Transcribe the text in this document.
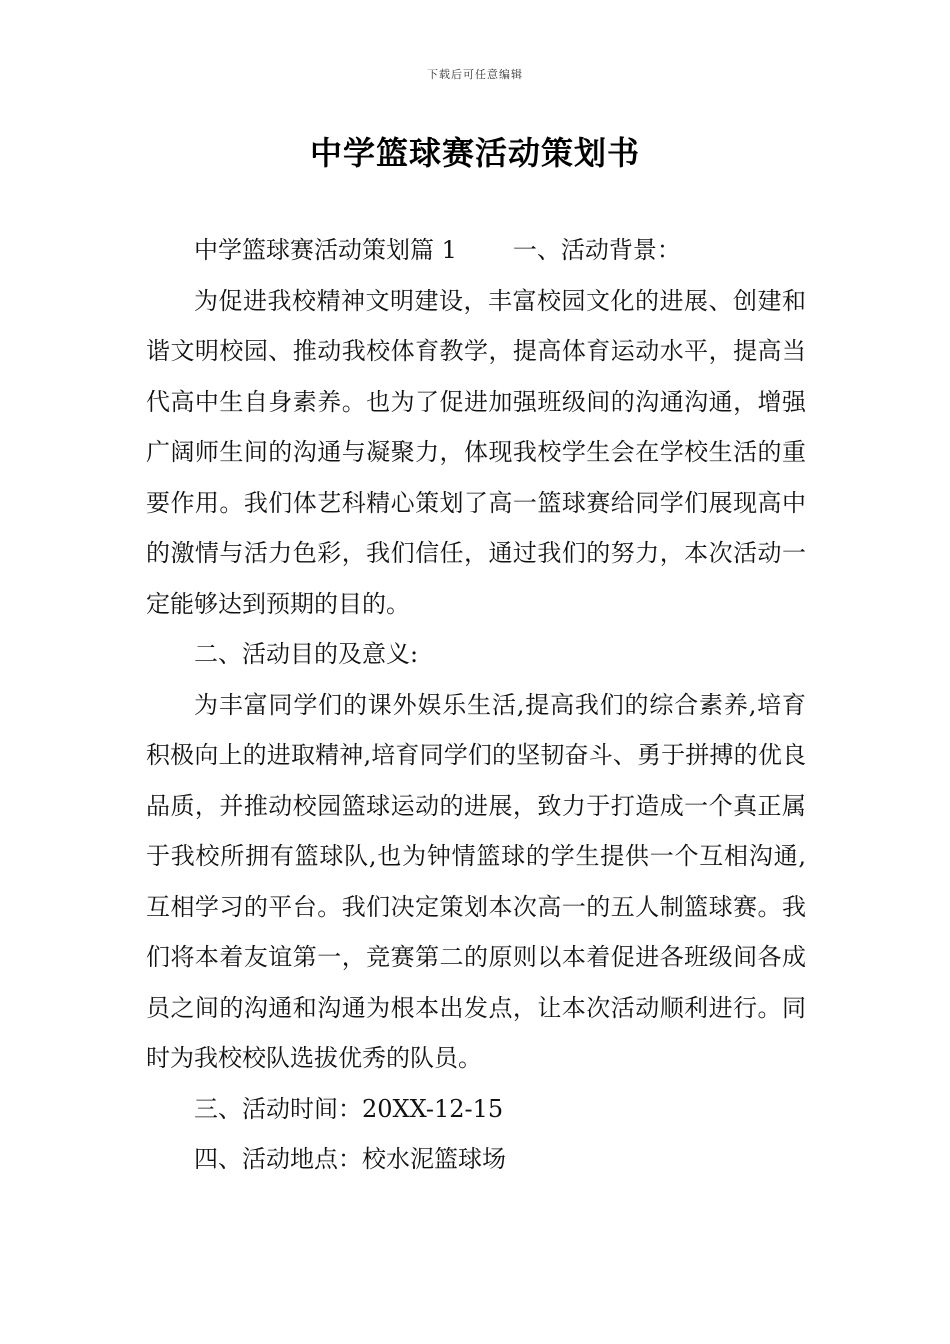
下载后可任意编辑
中学篮球赛活动策划书

中学篮球赛活动策划篇 1 一、活动背景：

为促进我校精神文明建设，丰富校园文化的进展、创建和谐文明校园、推动我校体育教学，提高体育运动水平，提高当代高中生自身素养。也为了促进加强班级间的沟通沟通，增强广阔师生间的沟通与凝聚力，体现我校学生会在学校生活的重要作用。我们体艺科精心策划了高一篮球赛给同学们展现高中的激情与活力色彩，我们信任，通过我们的努力，本次活动一定能够达到预期的目的。

二、活动目的及意义:

为丰富同学们的课外娱乐生活,提高我们的综合素养,培育积极向上的进取精神,培育同学们的坚韧奋斗、勇于拼搏的优良品质，并推动校园篮球运动的进展，致力于打造成一个真正属于我校所拥有篮球队,也为钟情篮球的学生提供一个互相沟通,互相学习的平台。我们决定策划本次高一的五人制篮球赛。我们将本着友谊第一，竞赛第二的原则以本着促进各班级间各成员之间的沟通和沟通为根本出发点，让本次活动顺利进行。同时为我校校队选拔优秀的队员。

三、活动时间：20XX-12-15

四、活动地点：校水泥篮球场
